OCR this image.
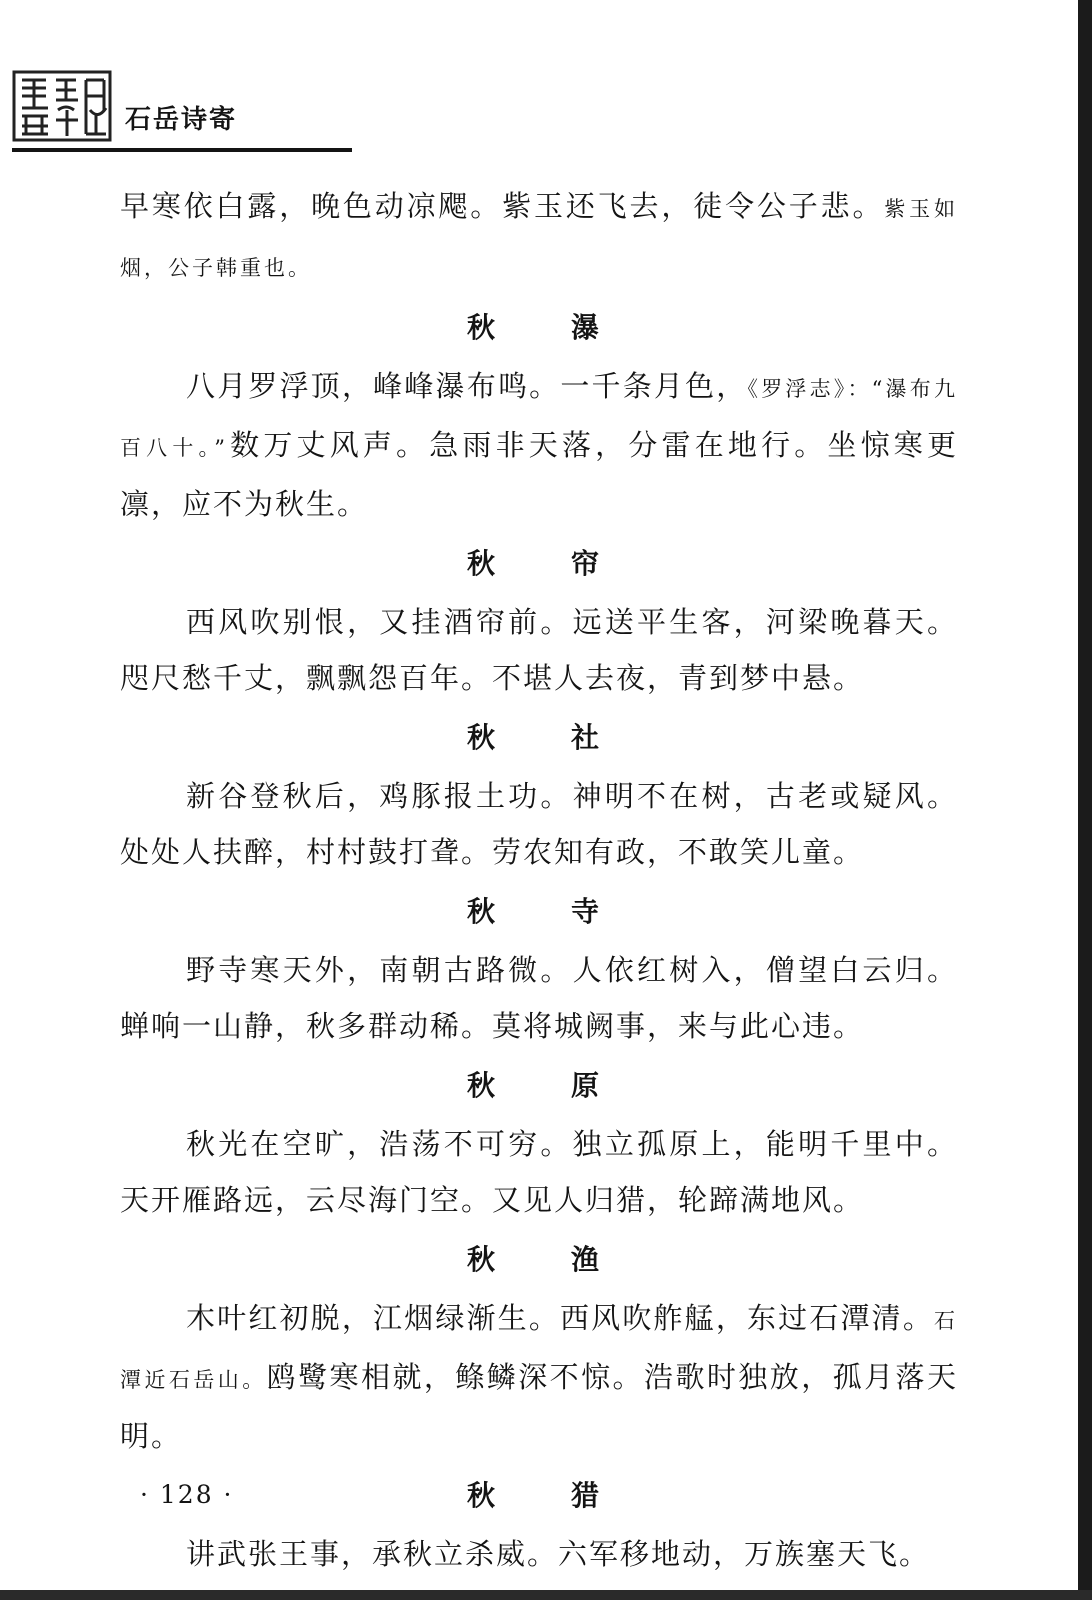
石岳诗寄

早寒依白露，晚色动凉飔。紫玉还飞去，徒令公子悲。紫玉如烟，公子韩重也。

秋　瀑

八月罗浮顶，峰峰瀑布鸣。一千条月色，《罗浮志》：“瀑布九百八十。”数万丈风声。急雨非天落，分雷在地行。坐惊寒更凛，应不为秋生。

秋　帘

西风吹别恨，又挂酒帘前。远送平生客，河梁晚暮天。咫尺愁千丈，飘飘怨百年。不堪人去夜，青到梦中悬。

秋　社

新谷登秋后，鸡豚报土功。神明不在树，古老或疑风。处处人扶醉，村村鼓打聋。劳农知有政，不敢笑儿童。

秋　寺

野寺寒天外，南朝古路微。人依红树入，僧望白云归。蝉响一山静，秋多群动稀。莫将城阙事，来与此心违。

秋　原

秋光在空旷，浩荡不可穷。独立孤原上，能明千里中。天开雁路远，云尽海门空。又见人归猎，轮蹄满地风。

秋　渔

木叶红初脱，江烟绿渐生。西风吹舴艋，东过石潭清。石潭近石岳山。鸥鹭寒相就，鲦鳞深不惊。浩歌时独放，孤月落天明。

秋　猎

讲武张王事，承秋立杀威。六军移地动，万族塞天飞。

· 128 ·
